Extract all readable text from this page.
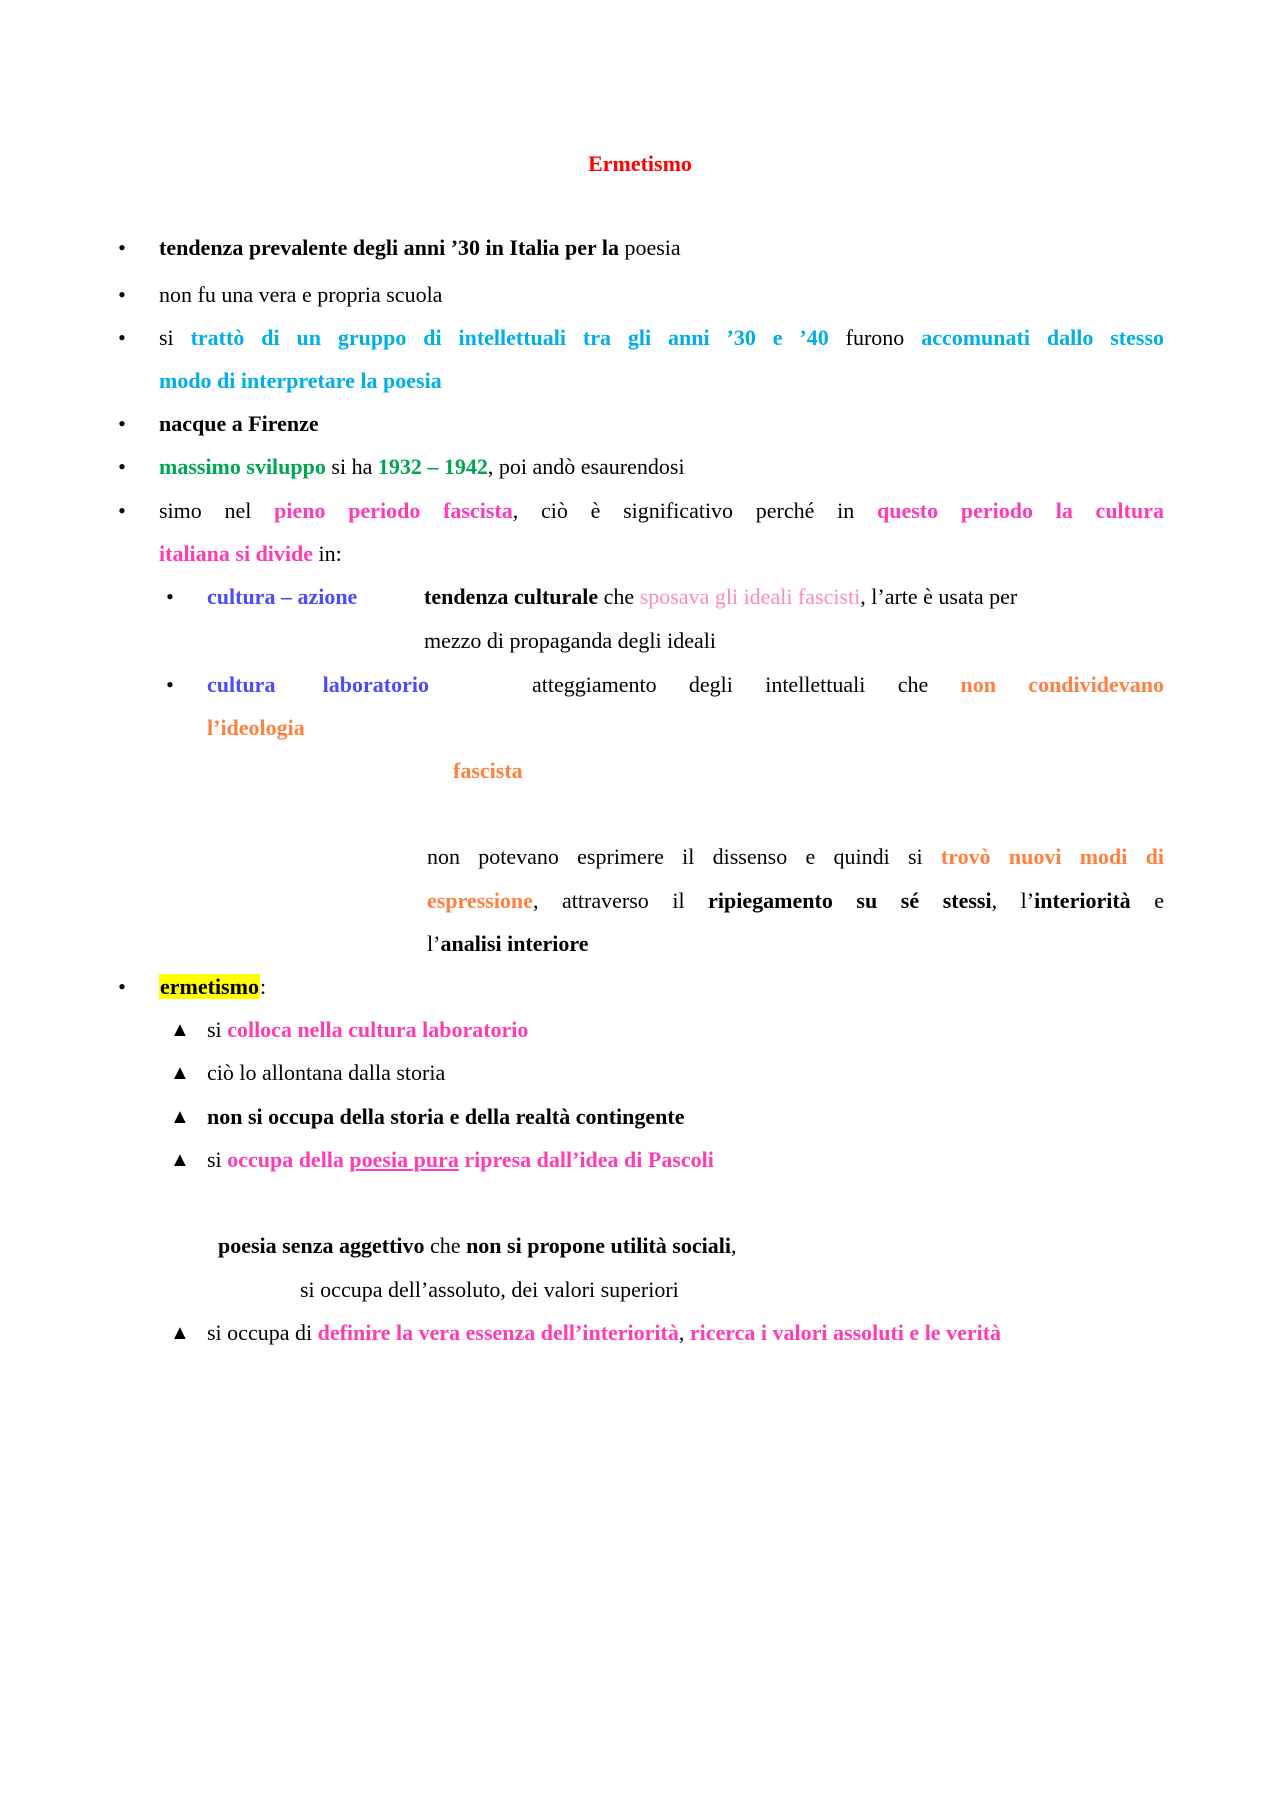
Ermetismo
• tendenza prevalente degli anni ’30 in Italia per la poesia
• non fu una vera e propria scuola
• si trattò di un gruppo di intellettuali tra gli anni ’30 e ’40 furono accomunati dallo stesso
modo di interpretare la poesia
• nacque a Firenze
• massimo sviluppo si ha 1932 – 1942, poi andò esaurendosi
• simo nel pieno periodo fascista, ciò è significativo perché in questo periodo la cultura
italiana si divide in:
• cultura – azione	tendenza culturale che sposava gli ideali fascisti, l’arte è usata per
mezzo di propaganda degli ideali
• cultura laboratorio	atteggiamento degli intellettuali che non condividevano
l’ideologia
fascista
non potevano esprimere il dissenso e quindi si trovò nuovi modi di
espressione, attraverso il ripiegamento su sé stessi, l’interiorità e
l’analisi interiore
• ermetismo:
▲ si colloca nella cultura laboratorio
▲ ciò lo allontana dalla storia
▲ non si occupa della storia e della realtà contingente
▲ si occupa della poesia pura ripresa dall’idea di Pascoli
poesia senza aggettivo che non si propone utilità sociali,
si occupa dell’assoluto, dei valori superiori
▲ si occupa di definire la vera essenza dell’interiorità, ricerca i valori assoluti e le verità
